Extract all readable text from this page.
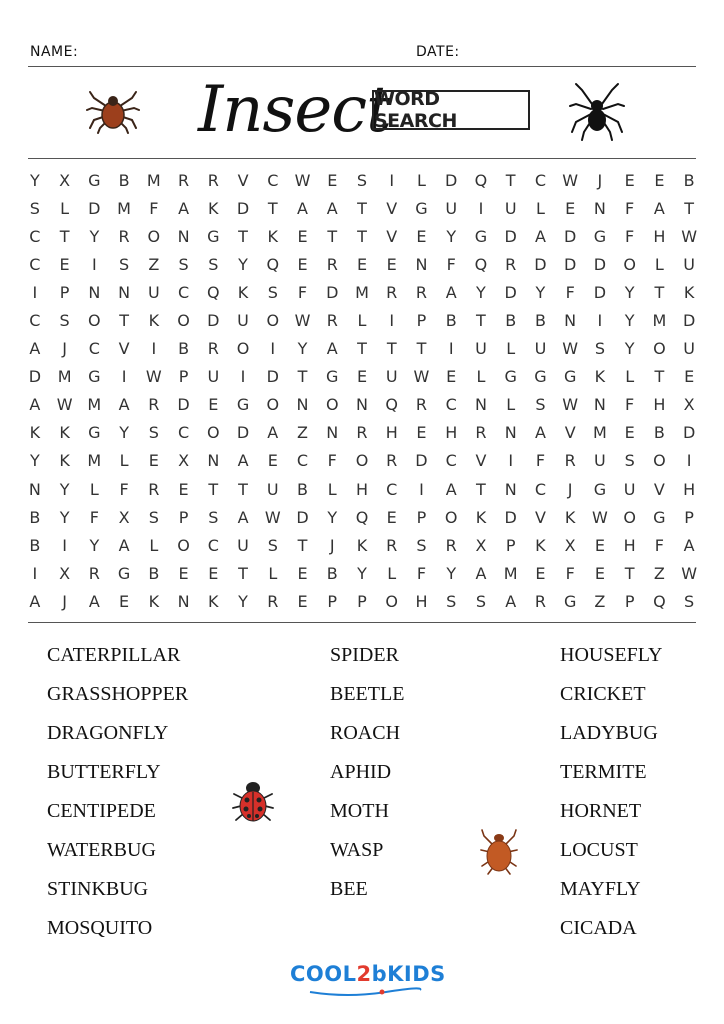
NAME:	DATE:
Insect
WORD SEARCH
Y	X	G	B	M	R	R	V	C	W	E	S	I	L	D	Q	T	C	W	J	E	E	B
S	L	D	M	F	A	K	D	T	A	A	T	V	G	U	I	U	L	E	N	F	A	T
C	T	Y	R	O	N	G	T	K	E	T	T	V	E	Y	G	D	A	D	G	F	H W
C	E	I	S	Z	S	S	Y	Q	E	R	E	E	N	F	Q	R	D	D	D	O	L	U
I	P	N	N	U	C	Q	K	S	F	D	M	R	R	A	Y	D	Y	F	D	Y	T	K
C	S	O	T	K	O	D	U	O W	R	L	I	P	B	T	B	B	N	I	Y	M	D
A	J	C	V	I	B	R	O	I	Y	A	T	T	T	I	U	L	U W	S	Y	O	U
D	M	G	I	W	P	U	I	D	T	G	E	U W	E	L	G	G	G	K	L	T	E
A	W M	A	R	D	E	G	O	N	O	N	Q	R	C	N	L	S	W N	F	H	X
K	K	G	Y	S	C	O	D	A	Z	N	R	H	E	H	R	N	A	V	M	E	B	D
Y	K	M	L	E	X	N	A	E	C	F	O	R	D	C	V	I	F	R	U	S	O	I
N	Y	L	F	R	E	T	T	U	B	L	H	C	I	A	T	N	C	J	G	U	V	H
B	Y	F	X	S	P	S	A	W D	Y	Q	E	P	O	K	D	V	K	W O	G	P
B	I	Y	A	L	O	C	U	S	T	J	K	R	S	R	X	P	K	X	E	H	F	A
I	X	R	G	B	E	E	T	L	E	B	Y	L	F	Y	A	M	E	F	E	T	Z	W
A	J	A	E	K	N	K	Y	R	E	P	P	O	H	S	S	A	R	G	Z	P	Q	S
CATERPILLAR
GRASSHOPPER
DRAGONFLY
BUTTERFLY
CENTIPEDE
WATERBUG
STINKBUG
MOSQUITO
SPIDER
BEETLE
ROACH
APHID
MOTH
WASP
BEE
HOUSEFLY
CRICKET
LADYBUG
TERMITE
HORNET
LOCUST
MAYFLY
CICADA
COOL2bKIDS
